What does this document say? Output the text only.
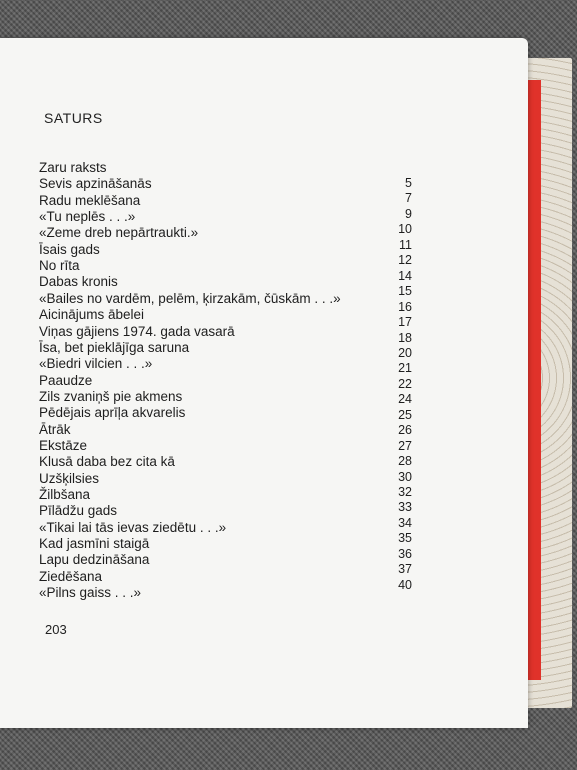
SATURS
Zaru raksts
Sevis apzināšanās
Radu meklēšana
«Tu neplēs . . .»
«Zeme dreb nepārtraukti.»
Īsais gads
No rīta
Dabas kronis
«Bailes no vardēm, pelēm, ķirzakām, čūskām . . .»
Aicinājums ābelei
Viņas gājiens 1974. gada vasarā
Īsa, bet pieklājīga saruna
«Biedri vilcien . . .»
Paaudze
Zils zvaniņš pie akmens
Pēdējais aprīļa akvarelis
Ātrāk
Ekstāze
Klusā daba bez cita kā
Uzšķilsies
Žilbšana
Pīlādžu gads
«Tikai lai tās ievas ziedētu . . .»
Kad jasmīni staigā
Lapu dedzināšana
Ziedēšana
«Pilns gaiss . . .»
5
7
9
10
11
12
14
15
16
17
18
20
21
22
24
25
26
27
28
30
32
33
34
35
36
37
40
203
